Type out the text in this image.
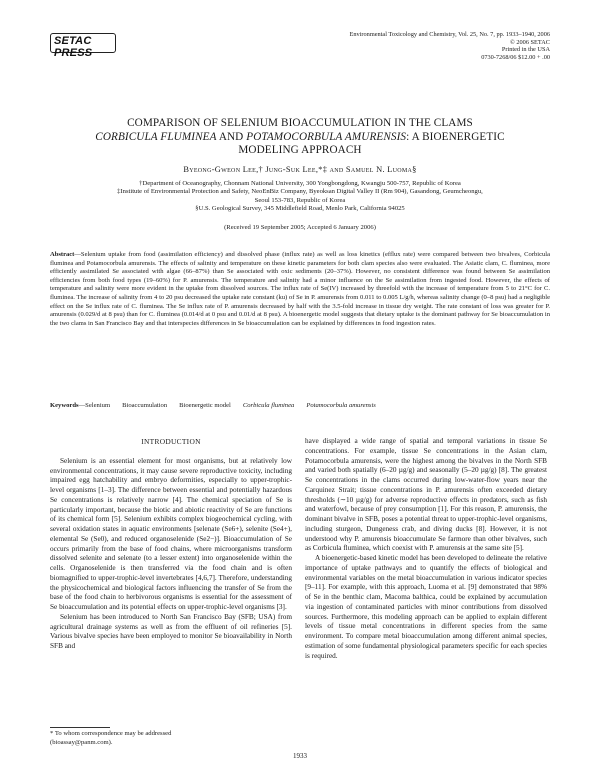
SETAC PRESS
Environmental Toxicology and Chemistry, Vol. 25, No. 7, pp. 1933–1940, 2006
© 2006 SETAC
Printed in the USA
0730-7268/06 $12.00 + .00
COMPARISON OF SELENIUM BIOACCUMULATION IN THE CLAMS
CORBICULA FLUMINEA AND POTAMOCORBULA AMURENSIS: A BIOENERGETIC
MODELING APPROACH
Byeong-Gweon Lee,† Jung-Suk Lee,*‡ and Samuel N. Luoma§
†Department of Oceanography, Chonnam National University, 300 Yongbongdong, Kwangju 500-757, Republic of Korea
‡Institute of Environmental Protection and Safety, NeoEnBiz Company, Byeoksan Digital Valley II (Rm 904), Gasandong, Geumcheongu,
Seoul 153-783, Republic of Korea
§U.S. Geological Survey, 345 Middlefield Road, Menlo Park, California 94025
(Received 19 September 2005; Accepted 6 January 2006)
Abstract—Selenium uptake from food (assimilation efficiency) and dissolved phase (influx rate) as well as loss kinetics (efflux rate) were compared between two bivalves, Corbicula fluminea and Potamocorbula amurensis. The effects of salinity and temperature on these kinetic parameters for both clam species also were evaluated. The Asiatic clam, C. fluminea, more efficiently assimilated Se associated with algae (66–87%) than Se associated with oxic sediments (20–37%). However, no consistent difference was found between Se assimilation efficiencies from both food types (19–60%) for P. amurensis. The temperature and salinity had a minor influence on the Se assimilation from ingested food. However, the effects of temperature and salinity were more evident in the uptake from dissolved sources. The influx rate of Se(IV) increased by threefold with the increase of temperature from 5 to 21°C for C. fluminea. The increase of salinity from 4 to 20 psu decreased the uptake rate constant (ku) of Se in P. amurensis from 0.011 to 0.005 L/g/h, whereas salinity change (0–8 psu) had a negligible effect on the Se influx rate of C. fluminea. The Se influx rate of P. amurensis decreased by half with the 3.5-fold increase in tissue dry weight. The rate constant of loss was greater for P. amurensis (0.029/d at 8 psu) than for C. fluminea (0.014/d at 0 psu and 0.01/d at 8 psu). A bioenergetic model suggests that dietary uptake is the dominant pathway for Se bioaccumulation in the two clams in San Francisco Bay and that interspecies differences in Se bioaccumulation can be explained by differences in food ingestion rates.
Keywords—Selenium Bioaccumulation Bioenergetic model Corbicula fluminea Potamocorbula amurensis
INTRODUCTION

Selenium is an essential element for most organisms, but at relatively low environmental concentrations, it may cause severe reproductive toxicity, including impaired egg hatchability and embryo deformities, especially to upper-trophic-level organisms [1–3]. The difference between essential and potentially hazardous Se concentrations is relatively narrow [4]. The chemical speciation of Se is particularly important, because the biotic and abiotic reactivity of Se are functions of its chemical form [5]. Selenium exhibits complex biogeochemical cycling, with several oxidation states in aquatic environments [selenate (Se6+), selenite (Se4+), elemental Se (Se0), and reduced organoselenide (Se2−)]. Bioaccumulation of Se occurs primarily from the base of food chains, where microorganisms transform dissolved selenite and selenate (to a lesser extent) into organoselenide within the cells. Organoselenide is then transferred via the food chain and is often biomagnified to upper-trophic-level invertebrates [4,6,7]. Therefore, understanding the physicochemical and biological factors influencing the transfer of Se from the base of the food chain to herbivorous organisms is essential for the assessment of Se bioaccumulation and its potential effects on upper-trophic-level organisms [3].

Selenium has been introduced to North San Francisco Bay (SFB; USA) from agricultural drainage systems as well as from the effluent of oil refineries [5]. Various bivalve species have been employed to monitor Se bioavailability in North SFB and

have displayed a wide range of spatial and temporal variations in tissue Se concentrations. For example, tissue Se concentrations in the Asian clam, Potamocorbula amurensis, were the highest among the bivalves in the North SFB and varied both spatially (6–20 µg/g) and seasonally (5–20 µg/g) [8]. The greatest Se concentrations in the clams occurred during low-water-flow years near the Carquinez Strait; tissue concentrations in P. amurensis often exceeded dietary thresholds (∼10 µg/g) for adverse reproductive effects in predators, such as fish and waterfowl, because of prey consumption [1]. For this reason, P. amurensis, the dominant bivalve in SFB, poses a potential threat to upper-trophic-level organisms, including sturgeon, Dungeness crab, and diving ducks [8]. However, it is not understood why P. amurensis bioaccumulate Se farmore than other bivalves, such as Corbicula fluminea, which coexist with P. amurensis at the same site [5].

A bioenergetic-based kinetic model has been developed to delineate the relative importance of uptake pathways and to quantify the effects of biological and environmental variables on the metal bioaccumulation in various indicator species [9–11]. For example, with this approach, Luoma et al. [9] demonstrated that 98% of Se in the benthic clam, Macoma balthica, could be explained by accumulation via ingestion of contaminated particles with minor contributions from dissolved sources. Furthermore, this modeling approach can be applied to explain different levels of tissue metal concentrations in different species from the same environment. To compare metal bioaccumulation among different animal species, estimation of some fundamental physiological parameters specific for each species is required.

* To whom correspondence may be addressed
(bioassay@panm.com).
1933
